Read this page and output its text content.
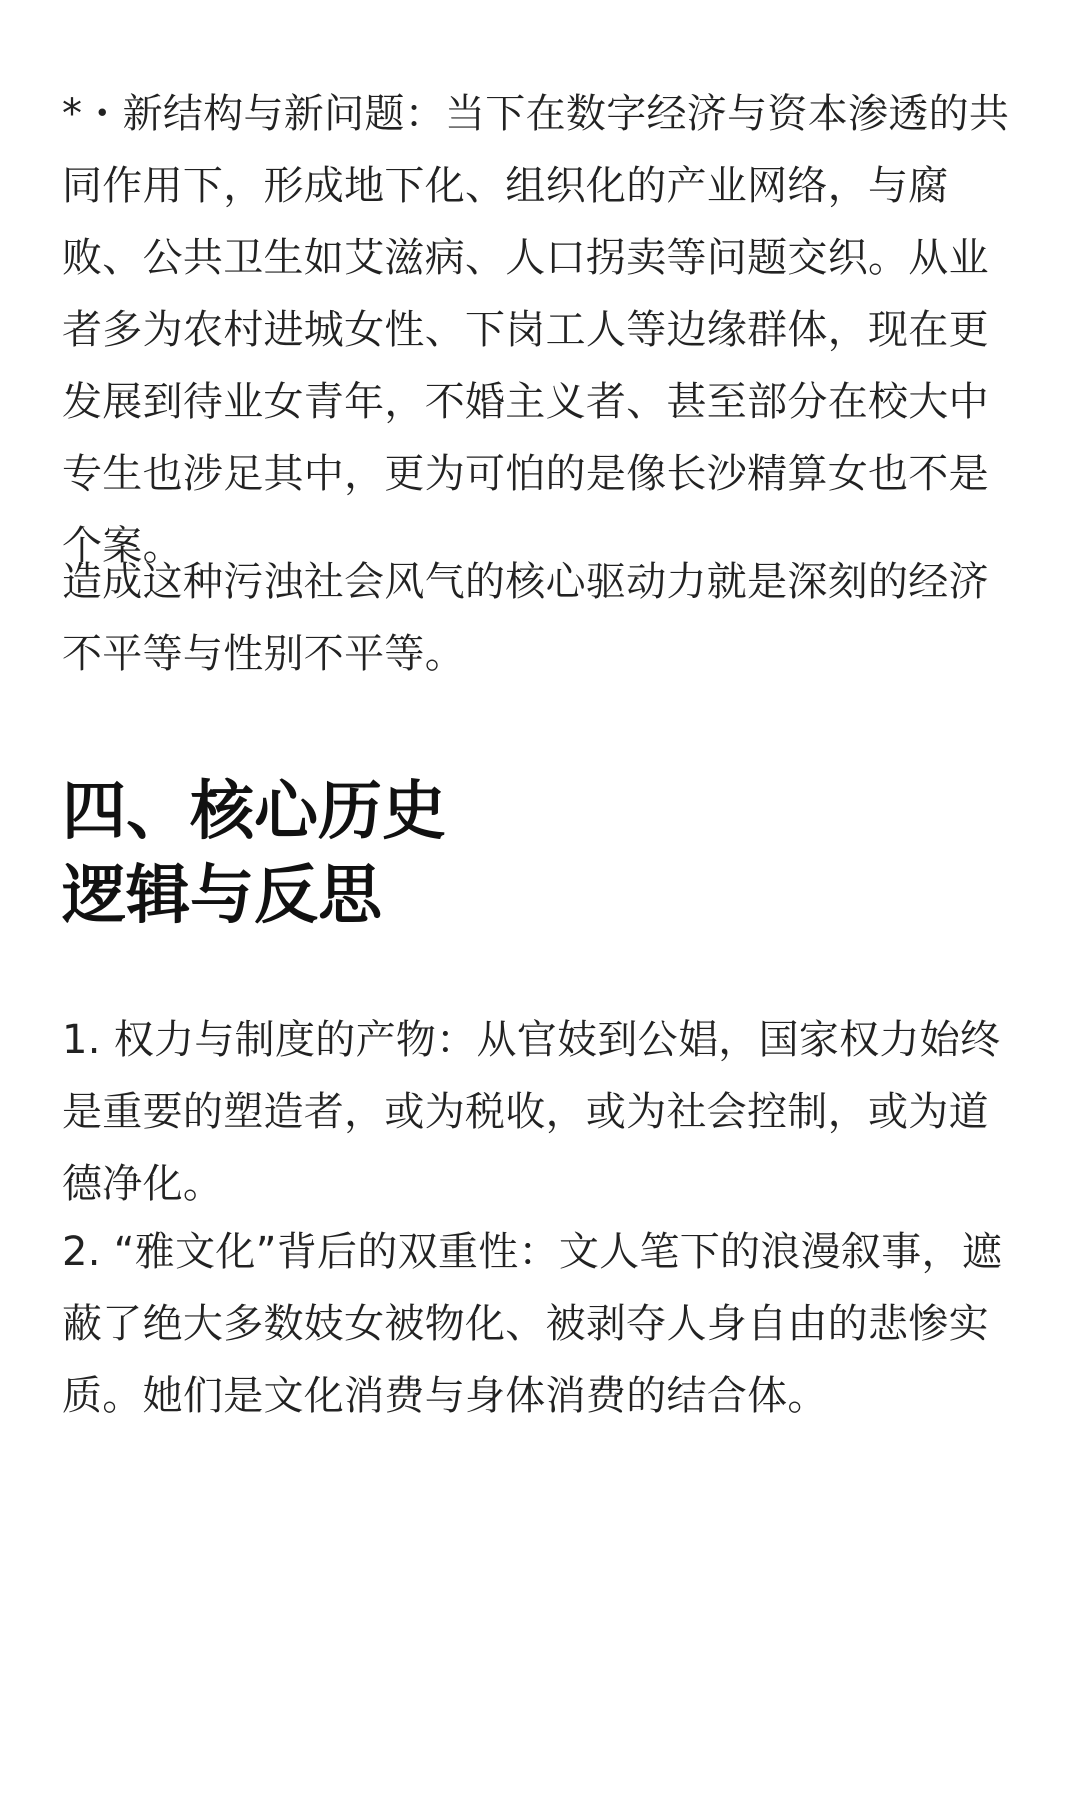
*・新结构与新问题：当下在数字经济与资本渗透的共同作用下，形成地下化、组织化的产业网络，与腐败、公共卫生如艾滋病、人口拐卖等问题交织。从业者多为农村进城女性、下岗工人等边缘群体，现在更发展到待业女青年，不婚主义者、甚至部分在校大中专生也涉足其中，更为可怕的是像长沙精算女也不是个案。

造成这种污浊社会风气的核心驱动力就是深刻的经济不平等与性别不平等。

四、核心历史
逻辑与反思

1. 权力与制度的产物：从官妓到公娼，国家权力始终是重要的塑造者，或为税收，或为社会控制，或为道德净化。

2. “雅文化”背后的双重性：文人笔下的浪漫叙事，遮蔽了绝大多数妓女被物化、被剥夺人身自由的悲惨实质。她们是文化消费与身体消费的结合体。
